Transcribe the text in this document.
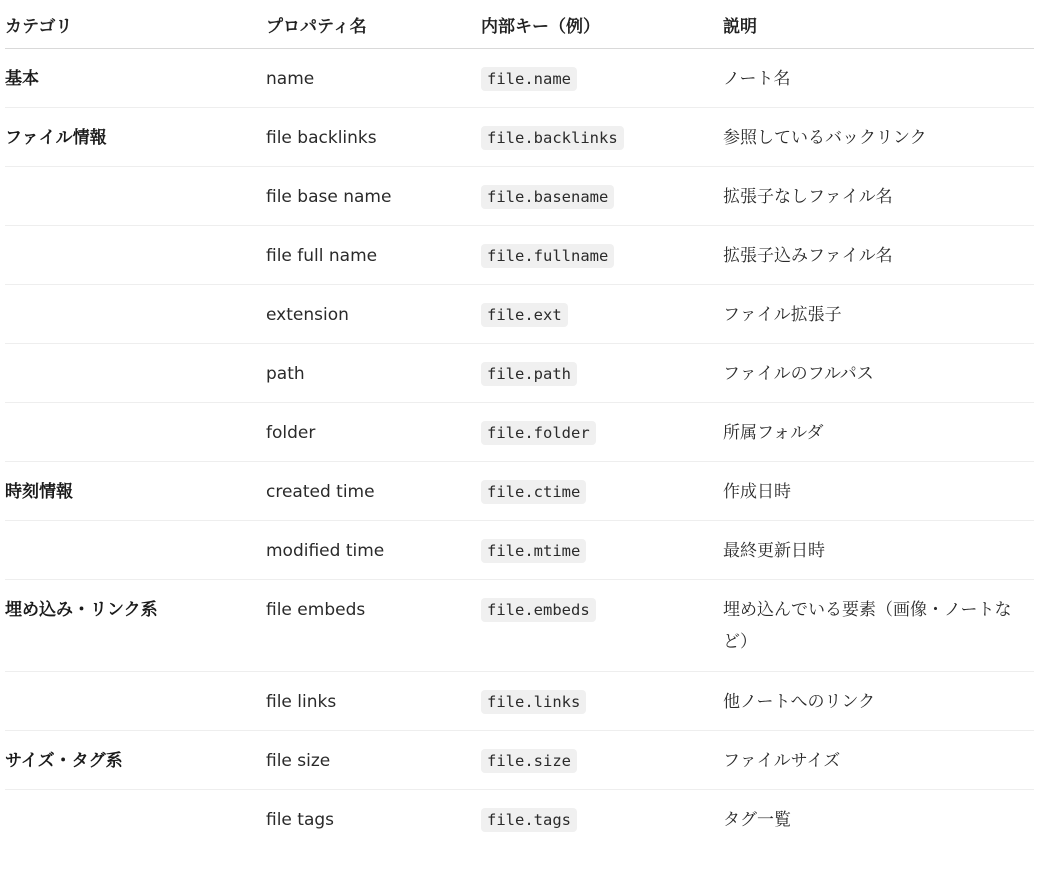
カテゴリ	プロパティ名	内部キー（例）	説明
基本	name	file.name	ノート名
ファイル情報	file backlinks	file.backlinks	参照しているバックリンク
	file base name	file.basename	拡張子なしファイル名
	file full name	file.fullname	拡張子込みファイル名
	extension	file.ext	ファイル拡張子
	path	file.path	ファイルのフルパス
	folder	file.folder	所属フォルダ
時刻情報	created time	file.ctime	作成日時
	modified time	file.mtime	最終更新日時
埋め込み・リンク系	file embeds	file.embeds	埋め込んでいる要素（画像・ノートなど）
	file links	file.links	他ノートへのリンク
サイズ・タグ系	file size	file.size	ファイルサイズ
	file tags	file.tags	タグ一覧
